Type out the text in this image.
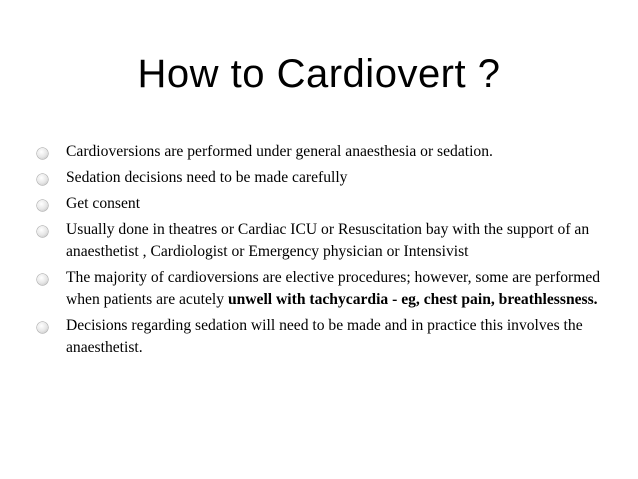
How to Cardiovert ?
Cardioversions are performed under general anaesthesia or sedation.
Sedation decisions need to be made carefully
Get consent
Usually done in theatres or Cardiac ICU or Resuscitation bay with the support of an anaesthetist , Cardiologist or Emergency physician or Intensivist
The majority of cardioversions are elective procedures; however, some are performed when patients are acutely unwell with tachycardia - eg, chest pain, breathlessness.
Decisions regarding sedation will need to be made and in practice this involves the anaesthetist.
